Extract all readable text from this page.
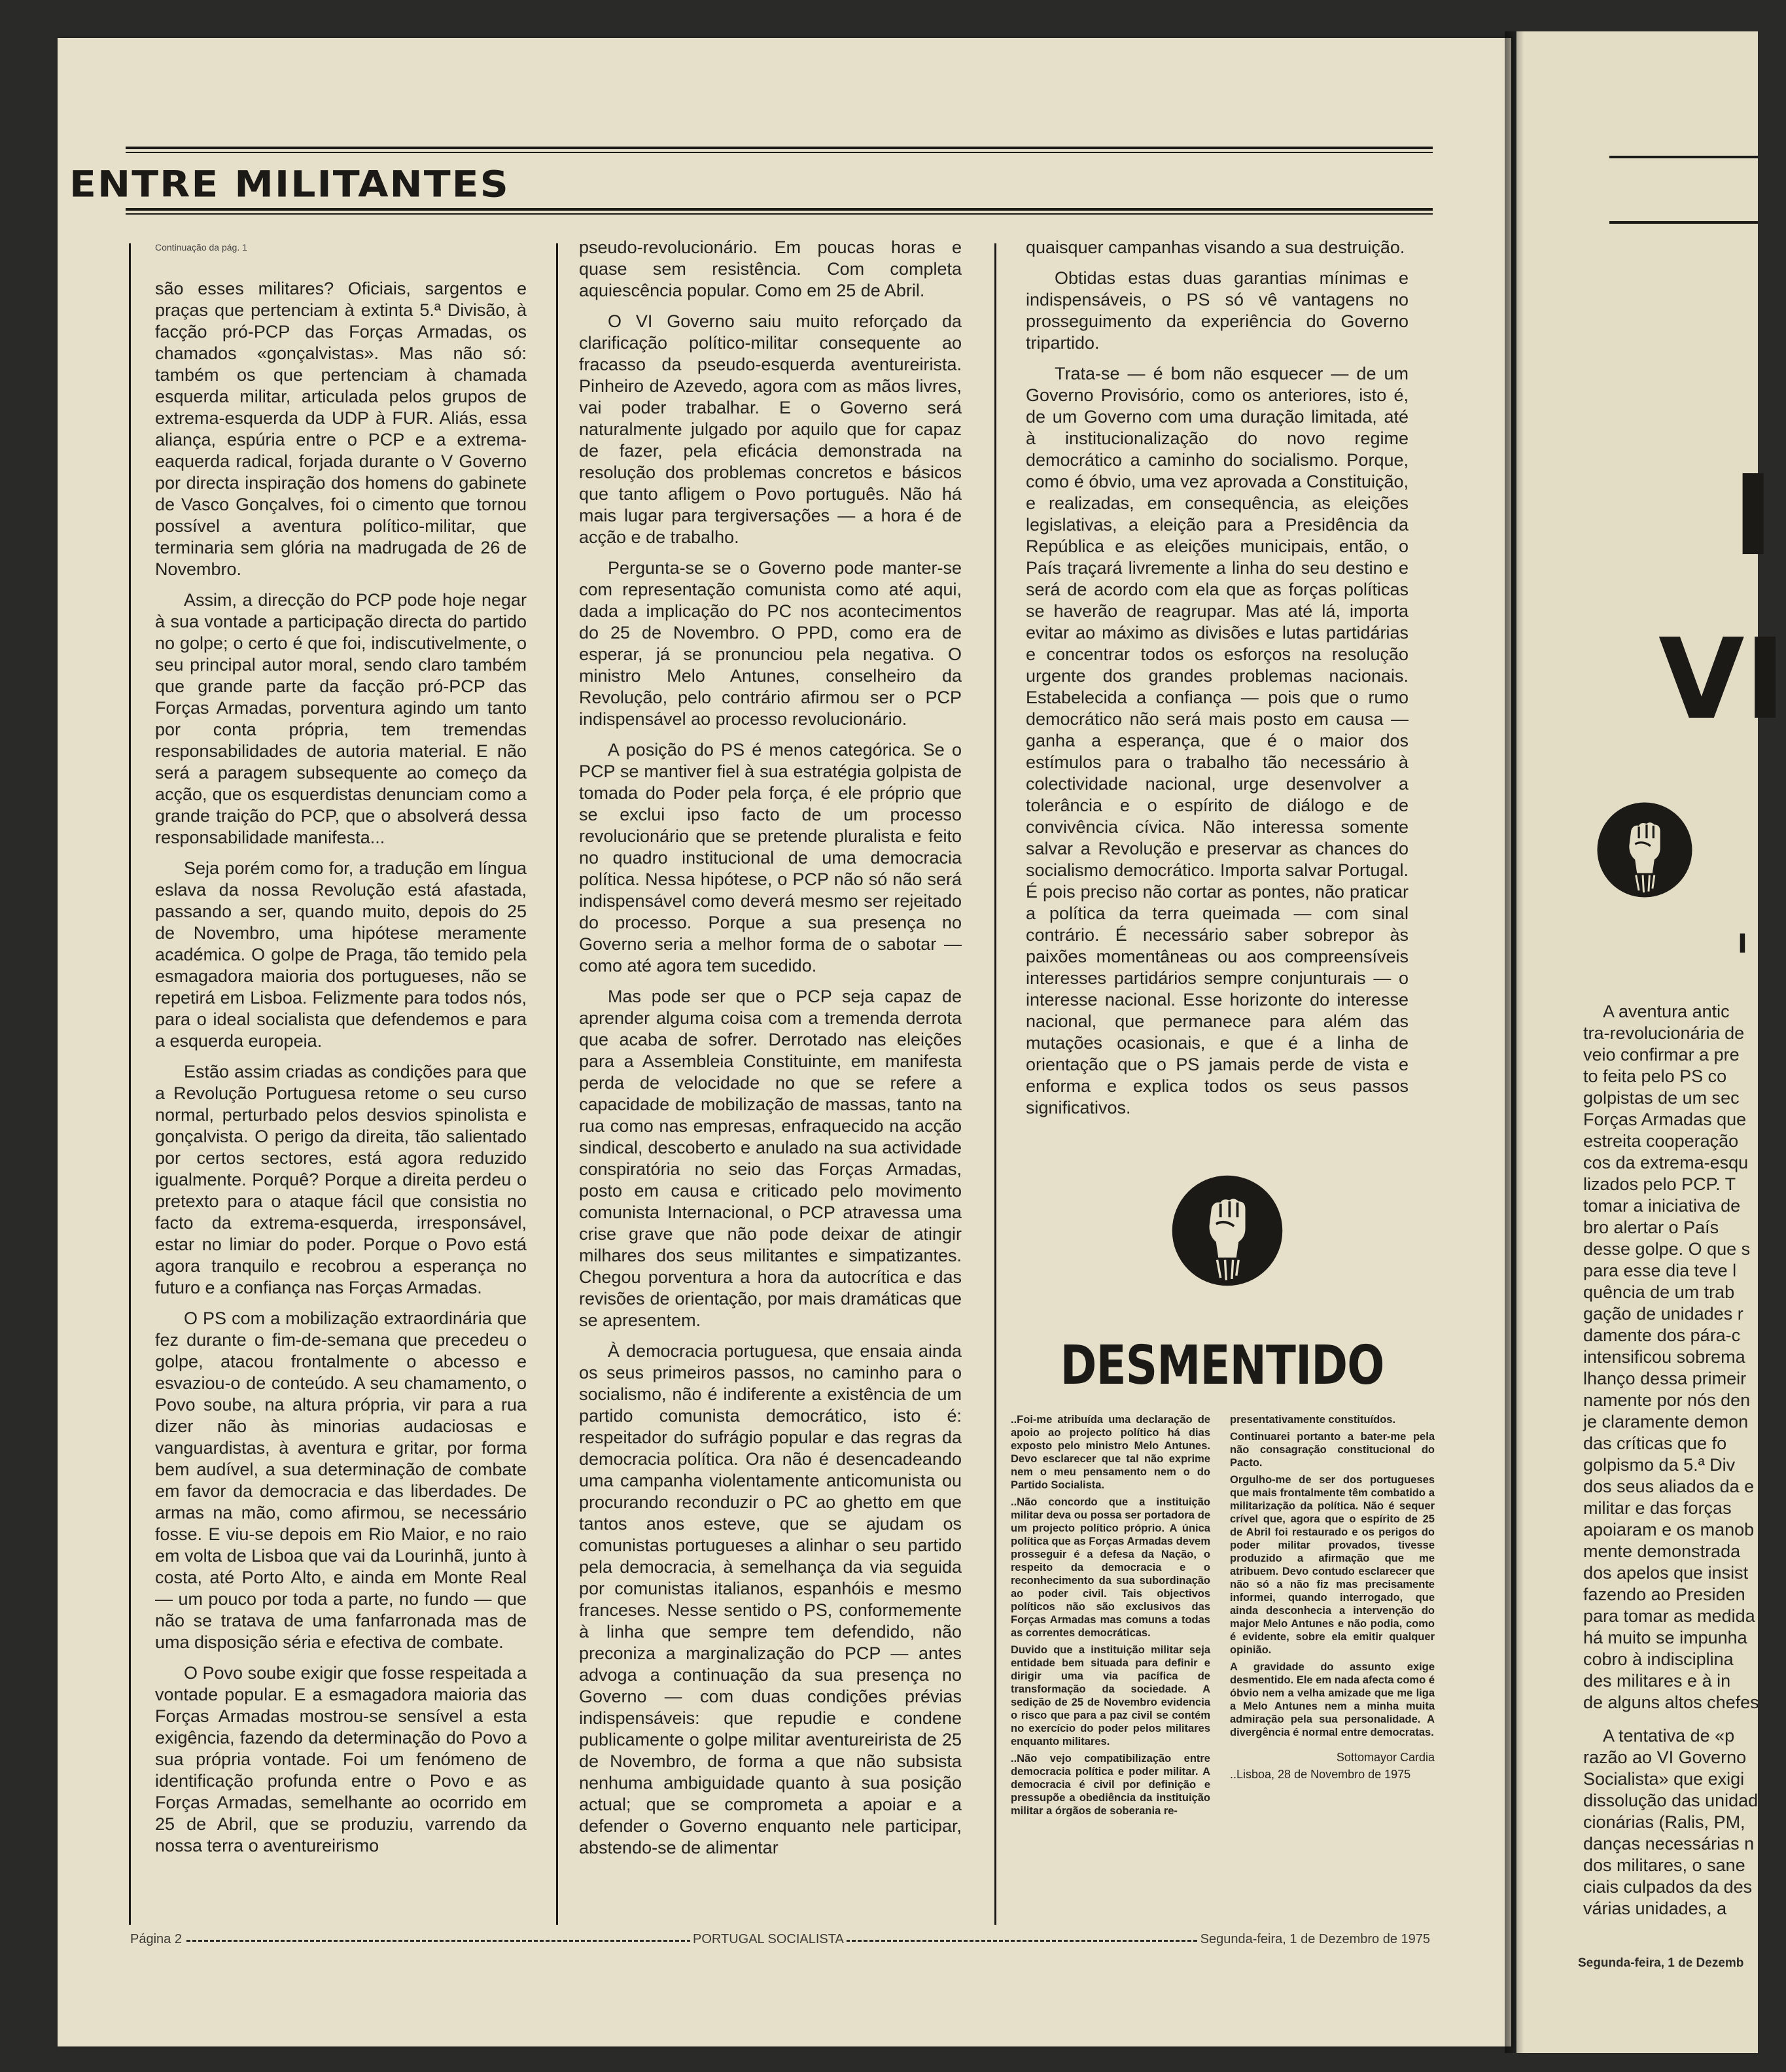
ENTRE MILITANTES
Continuação da pág. 1

são esses militares? Oficiais, sargentos e praças que pertenciam à extinta 5.ª Divisão, à facção pró-PCP das Forças Armadas, os chamados «gonçalvistas». Mas não só: também os que pertenciam à chamada esquerda militar, articulada pelos grupos de extrema-esquerda da UDP à FUR. Aliás, essa aliança, espúria entre o PCP e a extrema-eaquerda radical, forjada durante o V Governo por directa inspiração dos homens do gabinete de Vasco Gonçalves, foi o cimento que tornou possível a aventura político-militar, que terminaria sem glória na madrugada de 26 de Novembro.

Assim, a direcção do PCP pode hoje negar à sua vontade a participação directa do partido no golpe; o certo é que foi, indiscutivelmente, o seu principal autor moral, sendo claro também que grande parte da facção pró-PCP das Forças Armadas, porventura agindo um tanto por conta própria, tem tremendas responsabilidades de autoria material. E não será a paragem subsequente ao começo da acção, que os esquerdistas denunciam como a grande traição do PCP, que o absolverá dessa responsabilidade manifesta...

Seja porém como for, a tradução em língua eslava da nossa Revolução está afastada, passando a ser, quando muito, depois do 25 de Novembro, uma hipótese meramente académica. O golpe de Praga, tão temido pela esmagadora maioria dos portugueses, não se repetirá em Lisboa. Felizmente para todos nós, para o ideal socialista que defendemos e para a esquerda europeia.

Estão assim criadas as condições para que a Revolução Portuguesa retome o seu curso normal, perturbado pelos desvios spinolista e gonçalvista. O perigo da direita, tão salientado por certos sectores, está agora reduzido igualmente. Porquê? Porque a direita perdeu o pretexto para o ataque fácil que consistia no facto da extrema-esquerda, irresponsável, estar no limiar do poder. Porque o Povo está agora tranquilo e recobrou a esperança no futuro e a confiança nas Forças Armadas.

O PS com a mobilização extraordinária que fez durante o fim-de-semana que precedeu o golpe, atacou frontalmente o abcesso e esvaziou-o de conteúdo. A seu chamamento, o Povo soube, na altura própria, vir para a rua dizer não às minorias audaciosas e vanguardistas, à aventura e gritar, por forma bem audível, a sua determinação de combate em favor da democracia e das liberdades. De armas na mão, como afirmou, se necessário fosse. E viu-se depois em Rio Maior, e no raio em volta de Lisboa que vai da Lourinhã, junto à costa, até Porto Alto, e ainda em Monte Real — um pouco por toda a parte, no fundo — que não se tratava de uma fanfarronada mas de uma disposição séria e efectiva de combate.

O Povo soube exigir que fosse respeitada a vontade popular. E a esmagadora maioria das Forças Armadas mostrou-se sensível a esta exigência, fazendo da determinação do Povo a sua própria vontade. Foi um fenómeno de identificação profunda entre o Povo e as Forças Armadas, semelhante ao ocorrido em 25 de Abril, que se produziu, varrendo da nossa terra o aventureirismo

pseudo-revolucionário. Em poucas horas e quase sem resistência. Com completa aquiescência popular. Como em 25 de Abril.

O VI Governo saiu muito reforçado da clarificação político-militar consequente ao fracasso da pseudo-esquerda aventureirista. Pinheiro de Azevedo, agora com as mãos livres, vai poder trabalhar. E o Governo será naturalmente julgado por aquilo que for capaz de fazer, pela eficácia demonstrada na resolução dos problemas concretos e básicos que tanto afligem o Povo português. Não há mais lugar para tergiversações — a hora é de acção e de trabalho.

Pergunta-se se o Governo pode manter-se com representação comunista como até aqui, dada a implicação do PC nos acontecimentos do 25 de Novembro. O PPD, como era de esperar, já se pronunciou pela negativa. O ministro Melo Antunes, conselheiro da Revolução, pelo contrário afirmou ser o PCP indispensável ao processo revolucionário.

A posição do PS é menos categórica. Se o PCP se mantiver fiel à sua estratégia golpista de tomada do Poder pela força, é ele próprio que se exclui ipso facto de um processo revolucionário que se pretende pluralista e feito no quadro institucional de uma democracia política. Nessa hipótese, o PCP não só não será indispensável como deverá mesmo ser rejeitado do processo. Porque a sua presença no Governo seria a melhor forma de o sabotar — como até agora tem sucedido.

Mas pode ser que o PCP seja capaz de aprender alguma coisa com a tremenda derrota que acaba de sofrer. Derrotado nas eleições para a Assembleia Constituinte, em manifesta perda de velocidade no que se refere a capacidade de mobilização de massas, tanto na rua como nas empresas, enfraquecido na acção sindical, descoberto e anulado na sua actividade conspiratória no seio das Forças Armadas, posto em causa e criticado pelo movimento comunista Internacional, o PCP atravessa uma crise grave que não pode deixar de atingir milhares dos seus militantes e simpatizantes. Chegou porventura a hora da autocrítica e das revisões de orientação, por mais dramáticas que se apresentem.

À democracia portuguesa, que ensaia ainda os seus primeiros passos, no caminho para o socialismo, não é indiferente a existência de um partido comunista democrático, isto é: respeitador do sufrágio popular e das regras da democracia política. Ora não é desencadeando uma campanha violentamente anticomunista ou procurando reconduzir o PC ao ghetto em que tantos anos esteve, que se ajudam os comunistas portugueses a alinhar o seu partido pela democracia, à semelhança da via seguida por comunistas italianos, espanhóis e mesmo franceses. Nesse sentido o PS, conformemente à linha que sempre tem defendido, não preconiza a marginalização do PCP — antes advoga a continuação da sua presença no Governo — com duas condições prévias indispensáveis: que repudie e condene publicamente o golpe militar aventureirista de 25 de Novembro, de forma a que não subsista nenhuma ambiguidade quanto à sua posição actual; que se comprometa a apoiar e a defender o Governo enquanto nele participar, abstendo-se de alimentar

quaisquer campanhas visando a sua destruição.

Obtidas estas duas garantias mínimas e indispensáveis, o PS só vê vantagens no prosseguimento da experiência do Governo tripartido.

Trata-se — é bom não esquecer — de um Governo Provisório, como os anteriores, isto é, de um Governo com uma duração limitada, até à institucionalização do novo regime democrático a caminho do socialismo. Porque, como é óbvio, uma vez aprovada a Constituição, e realizadas, em consequência, as eleições legislativas, a eleição para a Presidência da República e as eleições municipais, então, o País traçará livremente a linha do seu destino e será de acordo com ela que as forças políticas se haverão de reagrupar. Mas até lá, importa evitar ao máximo as divisões e lutas partidárias e concentrar todos os esforços na resolução urgente dos grandes problemas nacionais. Estabelecida a confiança — pois que o rumo democrático não será mais posto em causa — ganha a esperança, que é o maior dos estímulos para o trabalho tão necessário à colectividade nacional, urge desenvolver a tolerância e o espírito de diálogo e de convivência cívica. Não interessa somente salvar a Revolução e preservar as chances do socialismo democrático. Importa salvar Portugal. É pois preciso não cortar as pontes, não praticar a política da terra queimada — com sinal contrário. É necessário saber sobrepor às paixões momentâneas ou aos compreensíveis interesses partidários sempre conjunturais — o interesse nacional. Esse horizonte do interesse nacional, que permanece para além das mutações ocasionais, e que é a linha de orientação que o PS jamais perde de vista e enforma e explica todos os seus passos significativos.

DESMENTIDO

..Foi-me atribuída uma declaração de apoio ao projecto político há dias exposto pelo ministro Melo Antunes. Devo esclarecer que tal não exprime nem o meu pensamento nem o do Partido Socialista.

..Não concordo que a instituição militar deva ou possa ser portadora de um projecto político próprio. A única política que as Forças Armadas devem prosseguir é a defesa da Nação, o respeito da democracia e o reconhecimento da sua subordinação ao poder civil. Tais objectivos políticos não são exclusivos das Forças Armadas mas comuns a todas as correntes democráticas.

Duvido que a instituição militar seja entidade bem situada para definir e dirigir uma via pacífica de transformação da sociedade. A sedição de 25 de Novembro evidencia o risco que para a paz civil se contém no exercício do poder pelos militares enquanto militares.

..Não vejo compatibilização entre democracia política e poder militar. A democracia é civil por definição e pressupõe a obediência da instituição militar a órgãos de soberania re-

presentativamente constituídos.

Continuarei portanto a bater-me pela não consagração constitucional do Pacto.

Orgulho-me de ser dos portugueses que mais frontalmente têm combatido a militarização da política. Não é sequer crível que, agora que o espírito de 25 de Abril foi restaurado e os perigos do poder militar provados, tivesse produzido a afirmação que me atribuem. Devo contudo esclarecer que não só a não fiz mas precisamente informei, quando interrogado, que ainda desconhecia a intervenção do major Melo Antunes e não podia, como é evidente, sobre ela emitir qualquer opinião.

A gravidade do assunto exige desmentido. Ele em nada afecta como é óbvio nem a velha amizade que me liga a Melo Antunes nem a minha muita admiração pela sua personalidade. A divergência é normal entre democratas.

Sottomayor Cardia

..Lisboa, 28 de Novembro de 1975

Página 2	PORTUGAL SOCIALISTA	Segunda-feira, 1 de Dezembro de 1975
I
VI
I

A aventura antic
tra-revolucionária de
veio confirmar a pre
to feita pelo PS co
golpistas de um sec
Forças Armadas que
estreita cooperação
cos da extrema-esqu
lizados pelo PCP. T
tomar a iniciativa de
bro alertar o País
desse golpe. O que s
para esse dia teve l
quência de um trab
gação de unidades r
damente dos pára-c
intensificou sobrema
lhanço dessa primeir
namente por nós den
je claramente demon
das críticas que fo
golpismo da 5.ª Div
dos seus aliados da e
militar e das forças
apoiaram e os manob
mente demonstrada
dos apelos que insist
fazendo ao Presiden
para tomar as medida
há muito se impunha
cobro à indisciplina
des militares e à in
de alguns altos chefes

A tentativa de «p
razão ao VI Governo
Socialista» que exigi
dissolução das unidad
cionárias (Ralis, PM,
danças necessárias n
dos militares, o sane
ciais culpados da des
várias unidades, a

Segunda-feira, 1 de Dezemb
